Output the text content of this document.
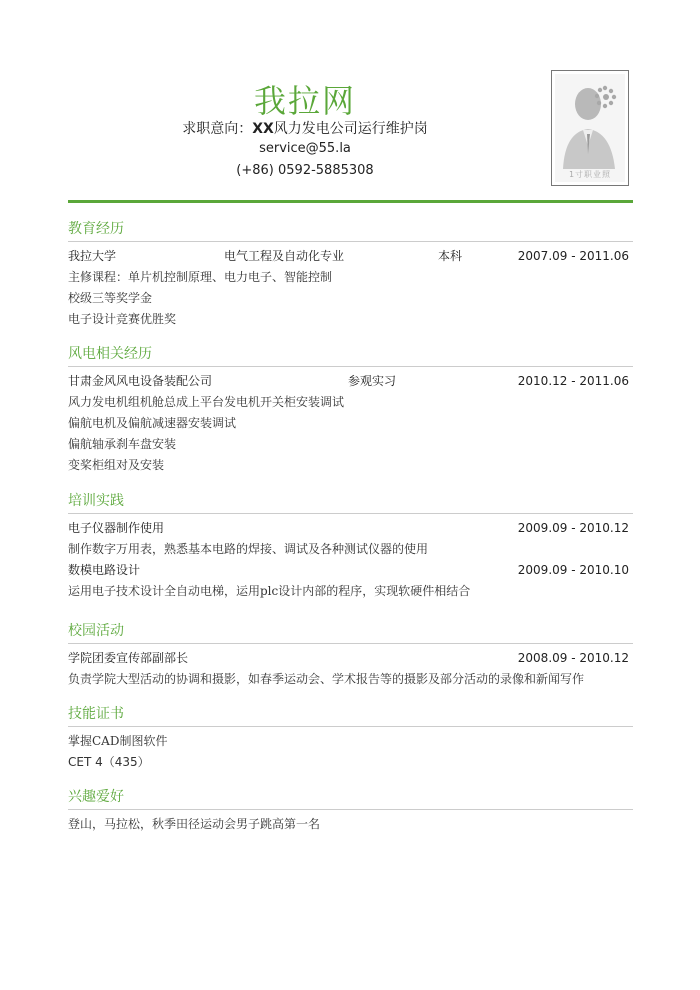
我拉网
求职意向：XX风力发电公司运行维护岗
service@55.la
(+86) 0592-5885308	1寸职业照
教育经历
我拉大学	电气工程及自动化专业	本科	2007.09 - 2011.06
主修课程：单片机控制原理、电力电子、智能控制
校级三等奖学金
电子设计竞赛优胜奖
风电相关经历
甘肃金风风电设备装配公司	参观实习	2010.12 - 2011.06
风力发电机组机舱总成上平台发电机开关柜安装调试
偏航电机及偏航减速器安装调试
偏航轴承刹车盘安装
变桨柜组对及安装
培训实践
电子仪器制作使用	2009.09 - 2010.12
制作数字万用表，熟悉基本电路的焊接、调试及各种测试仪器的使用
数模电路设计	2009.09 - 2010.10
运用电子技术设计全自动电梯，运用plc设计内部的程序，实现软硬件相结合
校园活动
学院团委宣传部副部长	2008.09 - 2010.12
负责学院大型活动的协调和摄影，如春季运动会、学术报告等的摄影及部分活动的录像和新闻写作
技能证书
掌握CAD制图软件
CET 4（435）
兴趣爱好
登山，马拉松，秋季田径运动会男子跳高第一名
